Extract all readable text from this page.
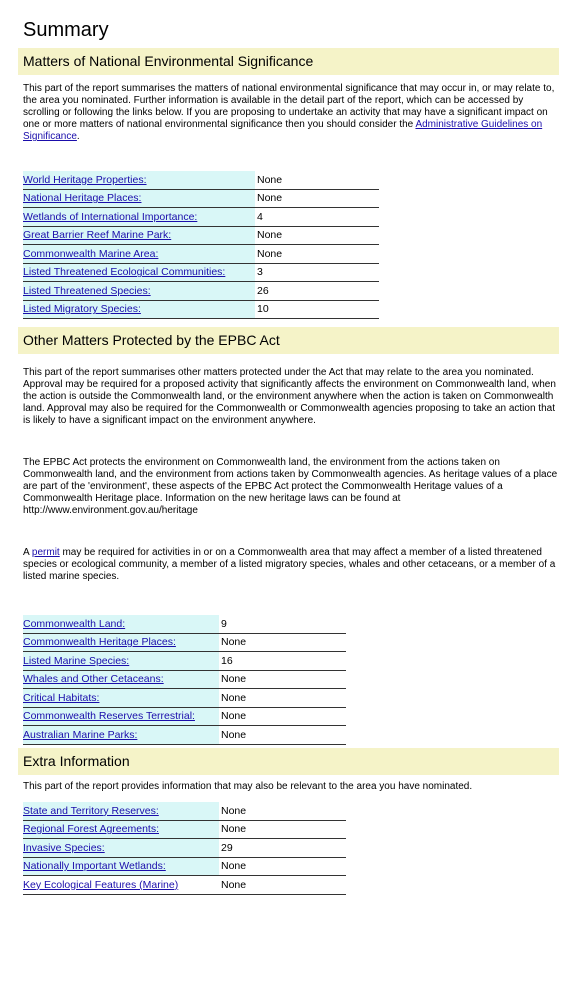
Summary
Matters of National Environmental Significance
This part of the report summarises the matters of national environmental significance that may occur in, or may relate to, the area you nominated. Further information is available in the detail part of the report, which can be accessed by scrolling or following the links below. If you are proposing to undertake an activity that may have a significant impact on one or more matters of national environmental significance then you should consider the Administrative Guidelines on Significance.
World Heritage Properties:	None
National Heritage Places:	None
Wetlands of International Importance:	4
Great Barrier Reef Marine Park:	None
Commonwealth Marine Area:	None
Listed Threatened Ecological Communities:	3
Listed Threatened Species:	26
Listed Migratory Species:	10
Other Matters Protected by the EPBC Act
This part of the report summarises other matters protected under the Act that may relate to the area you nominated. Approval may be required for a proposed activity that significantly affects the environment on Commonwealth land, when the action is outside the Commonwealth land, or the environment anywhere when the action is taken on Commonwealth land. Approval may also be required for the Commonwealth or Commonwealth agencies proposing to take an action that is likely to have a significant impact on the environment anywhere.
The EPBC Act protects the environment on Commonwealth land, the environment from the actions taken on Commonwealth land, and the environment from actions taken by Commonwealth agencies. As heritage values of a place are part of the 'environment', these aspects of the EPBC Act protect the Commonwealth Heritage values of a Commonwealth Heritage place. Information on the new heritage laws can be found at http://www.environment.gov.au/heritage
A permit may be required for activities in or on a Commonwealth area that may affect a member of a listed threatened species or ecological community, a member of a listed migratory species, whales and other cetaceans, or a member of a listed marine species.
Commonwealth Land:	9
Commonwealth Heritage Places:	None
Listed Marine Species:	16
Whales and Other Cetaceans:	None
Critical Habitats:	None
Commonwealth Reserves Terrestrial:	None
Australian Marine Parks:	None
Extra Information
This part of the report provides information that may also be relevant to the area you have nominated.
State and Territory Reserves:	None
Regional Forest Agreements:	None
Invasive Species:	29
Nationally Important Wetlands:	None
Key Ecological Features (Marine)	None
